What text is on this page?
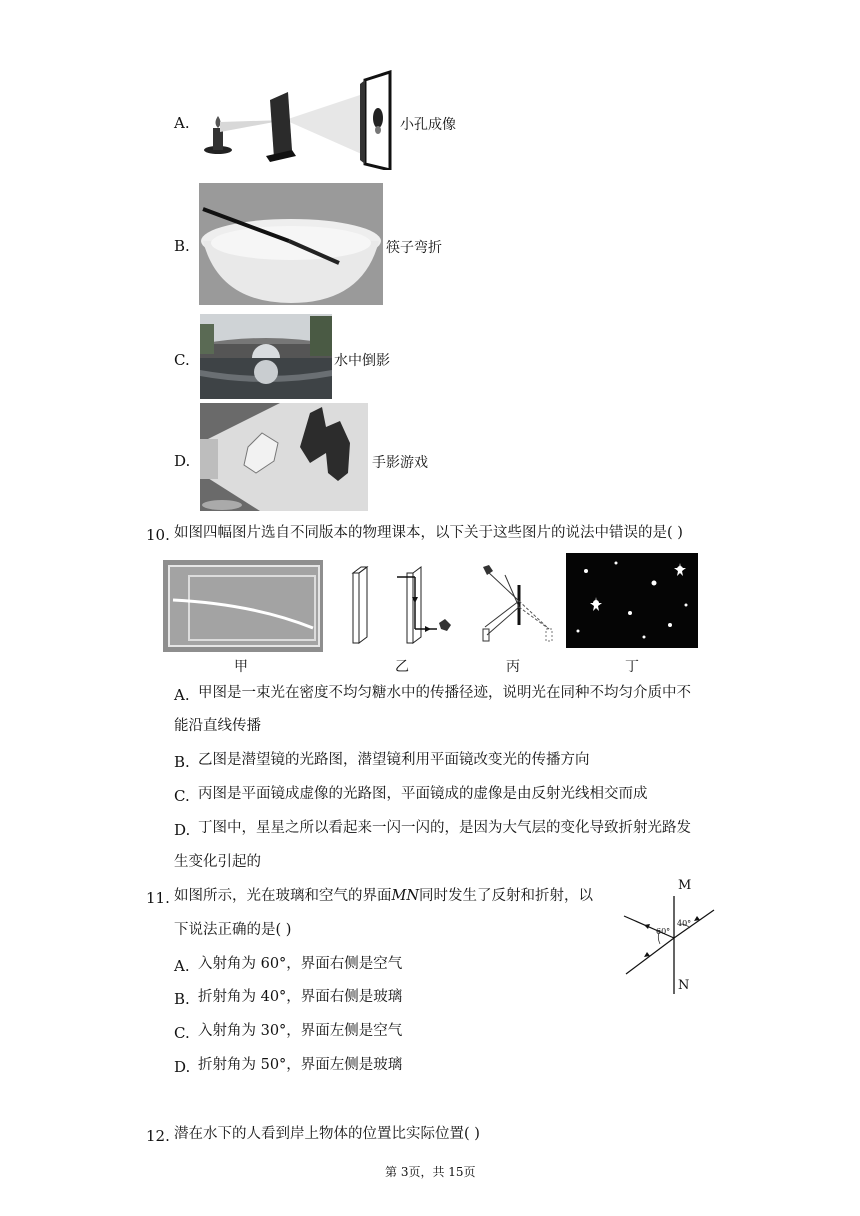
A.	小孔成像
B.	筷子弯折
C.	水中倒影
D.	手影游戏
10. 如图四幅图片选自不同版本的物理课本，以下关于这些图片的说法中错误的是( )
甲	乙	丙	丁
A. 甲图是一束光在密度不均匀糖水中的传播径迹，说明光在同种不均匀介质中不
能沿直线传播
B. 乙图是潜望镜的光路图，潜望镜利用平面镜改变光的传播方向
C. 丙图是平面镜成虚像的光路图，平面镜成的虚像是由反射光线相交而成
D. 丁图中，星星之所以看起来一闪一闪的，是因为大气层的变化导致折射光路发
生变化引起的
11. 如图所示，光在玻璃和空气的界面MN同时发生了反射和折射，以
下说法正确的是( )
M
N
60°
40°
A. 入射角为 60°，界面右侧是空气
B. 折射角为 40°，界面右侧是玻璃
C. 入射角为 30°，界面左侧是空气
D. 折射角为 50°，界面左侧是玻璃
12. 潜在水下的人看到岸上物体的位置比实际位置( )
第 3页，共 15页
